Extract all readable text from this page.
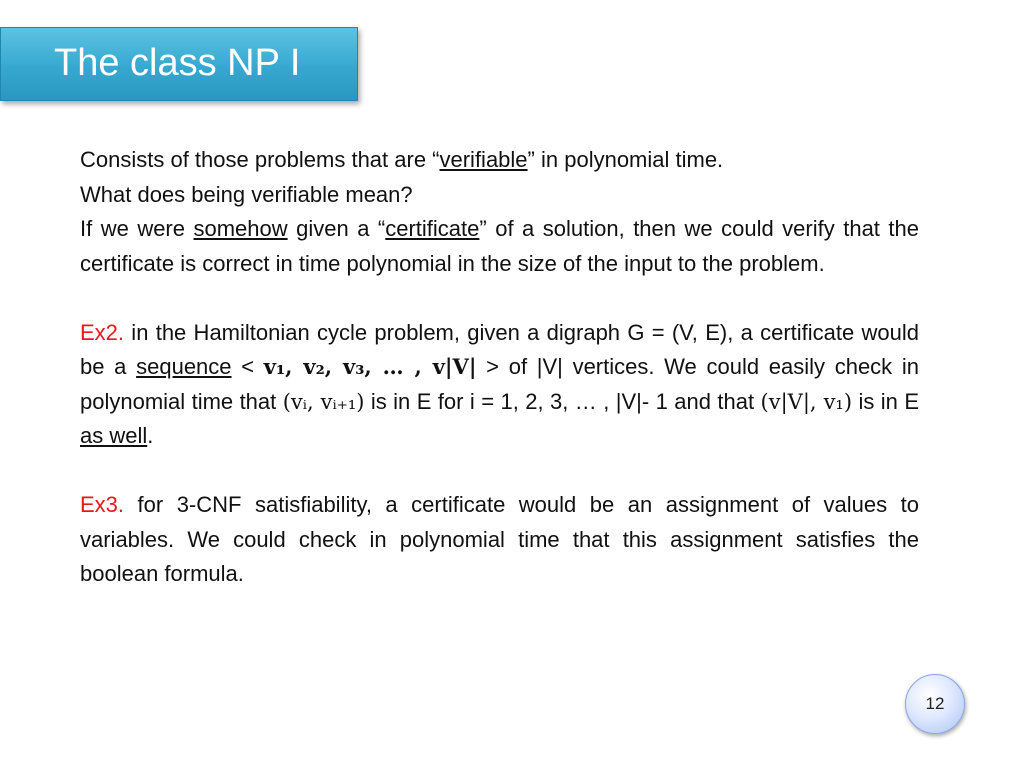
The class NP I

Consists of those problems that are “verifiable” in polynomial time.

What does being verifiable mean?

If we were somehow given a “certificate” of a solution, then we could verify that the certificate is correct in time polynomial in the size of the input to the problem.

Ex2. in the Hamiltonian cycle problem, given a digraph G = (V, E), a certificate would be a sequence < v₁, v₂, v₃, … , v|V| > of |V| vertices. We could easily check in polynomial time that (vᵢ, vᵢ₊₁) is in E for i = 1, 2, 3, … , |V|- 1 and that (v|V|, v₁) is in E as well.

Ex3. for 3-CNF satisfiability, a certificate would be an assignment of values to variables. We could check in polynomial time that this assignment satisfies the boolean formula.

12
